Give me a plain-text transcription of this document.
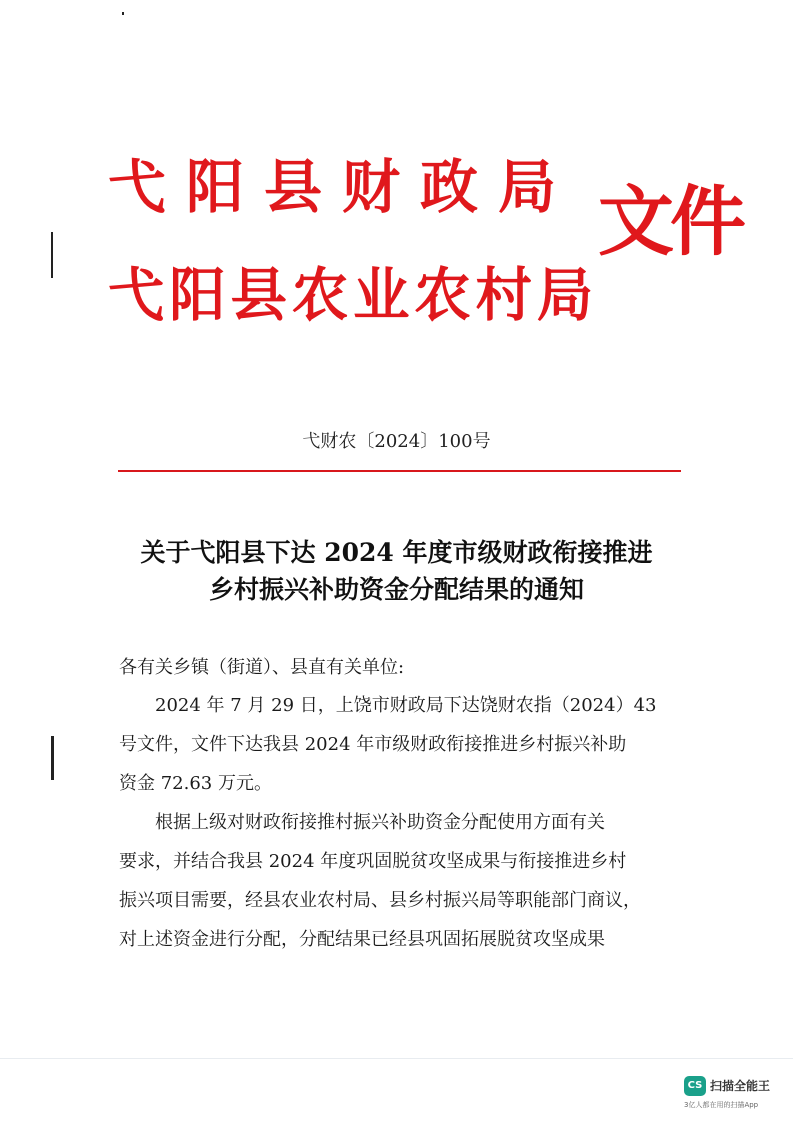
弋阳县财政局
弋阳县农业农村局
文件
弋财农〔2024〕100号
关于弋阳县下达 2024 年度市级财政衔接推进
乡村振兴补助资金分配结果的通知
各有关乡镇（街道）、县直有关单位:
　　2024 年 7 月 29 日，上饶市财政局下达饶财农指（2024）43
号文件，文件下达我县 2024 年市级财政衔接推进乡村振兴补助
资金 72.63 万元。
　　根据上级对财政衔接推村振兴补助资金分配使用方面有关
要求，并结合我县 2024 年度巩固脱贫攻坚成果与衔接推进乡村
振兴项目需要，经县农业农村局、县乡村振兴局等职能部门商议，
对上述资金进行分配，分配结果已经县巩固拓展脱贫攻坚成果
CS 扫描全能王
3亿人都在用的扫描App
